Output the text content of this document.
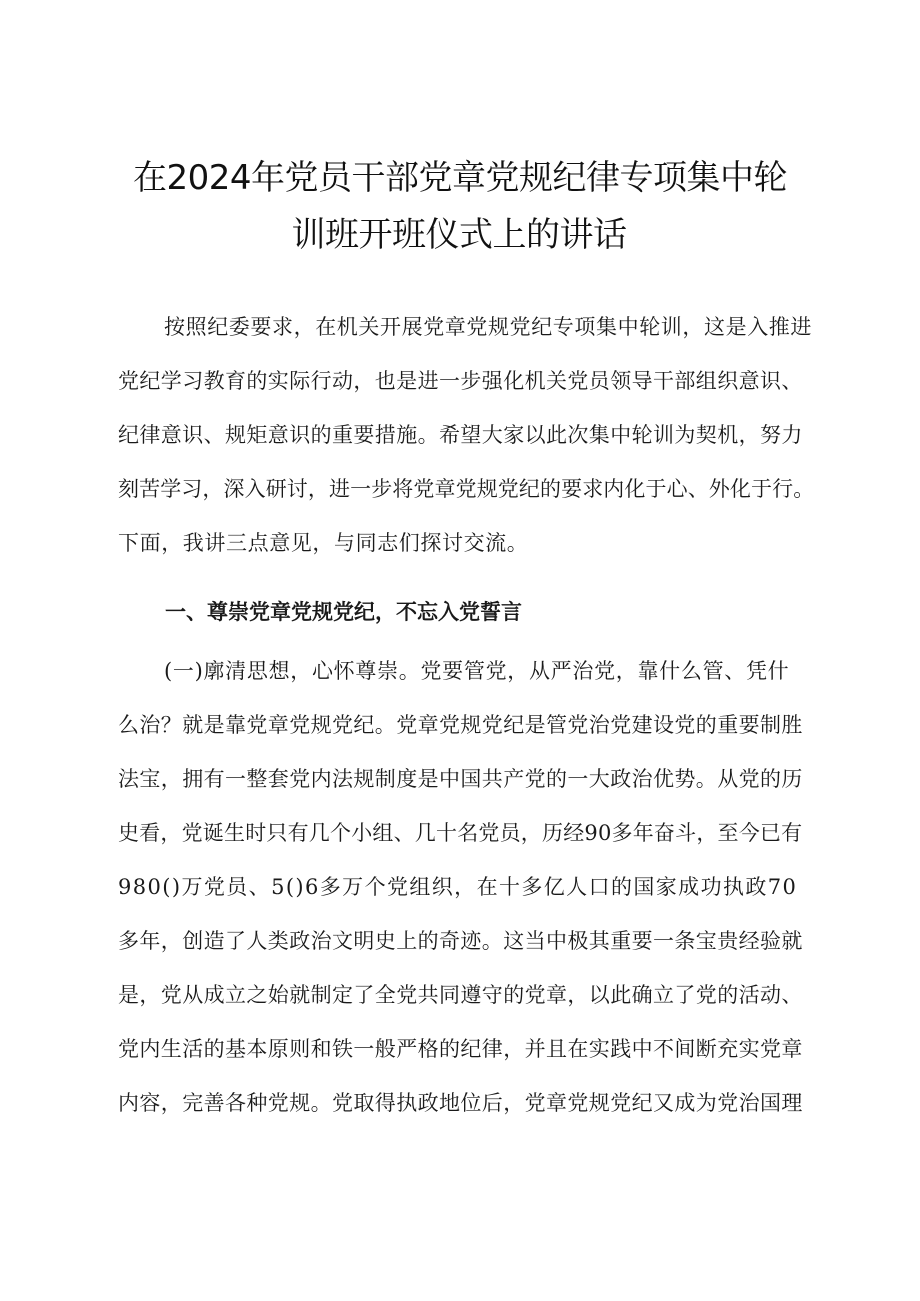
在2024年党员干部党章党规纪律专项集中轮
训班开班仪式上的讲话
按照纪委要求，在机关开展党章党规党纪专项集中轮训，这是入推进
党纪学习教育的实际行动，也是进一步强化机关党员领导干部组织意识、
纪律意识、规矩意识的重要措施。希望大家以此次集中轮训为契机，努力
刻苦学习，深入研讨，进一步将党章党规党纪的要求内化于心、外化于行。
下面，我讲三点意见，与同志们探讨交流。
一、尊崇党章党规党纪，不忘入党誓言
(一)廓清思想，心怀尊崇。党要管党，从严治党，靠什么管、凭什
么治？就是靠党章党规党纪。党章党规党纪是管党治党建设党的重要制胜
法宝，拥有一整套党内法规制度是中国共产党的一大政治优势。从党的历
史看，党诞生时只有几个小组、几十名党员，历经90多年奋斗，至今已有
980()万党员、5()6多万个党组织，在十多亿人口的国家成功执政70
多年，创造了人类政治文明史上的奇迹。这当中极其重要一条宝贵经验就
是，党从成立之始就制定了全党共同遵守的党章，以此确立了党的活动、
党内生活的基本原则和铁一般严格的纪律，并且在实践中不间断充实党章
内容，完善各种党规。党取得执政地位后，党章党规党纪又成为党治国理
